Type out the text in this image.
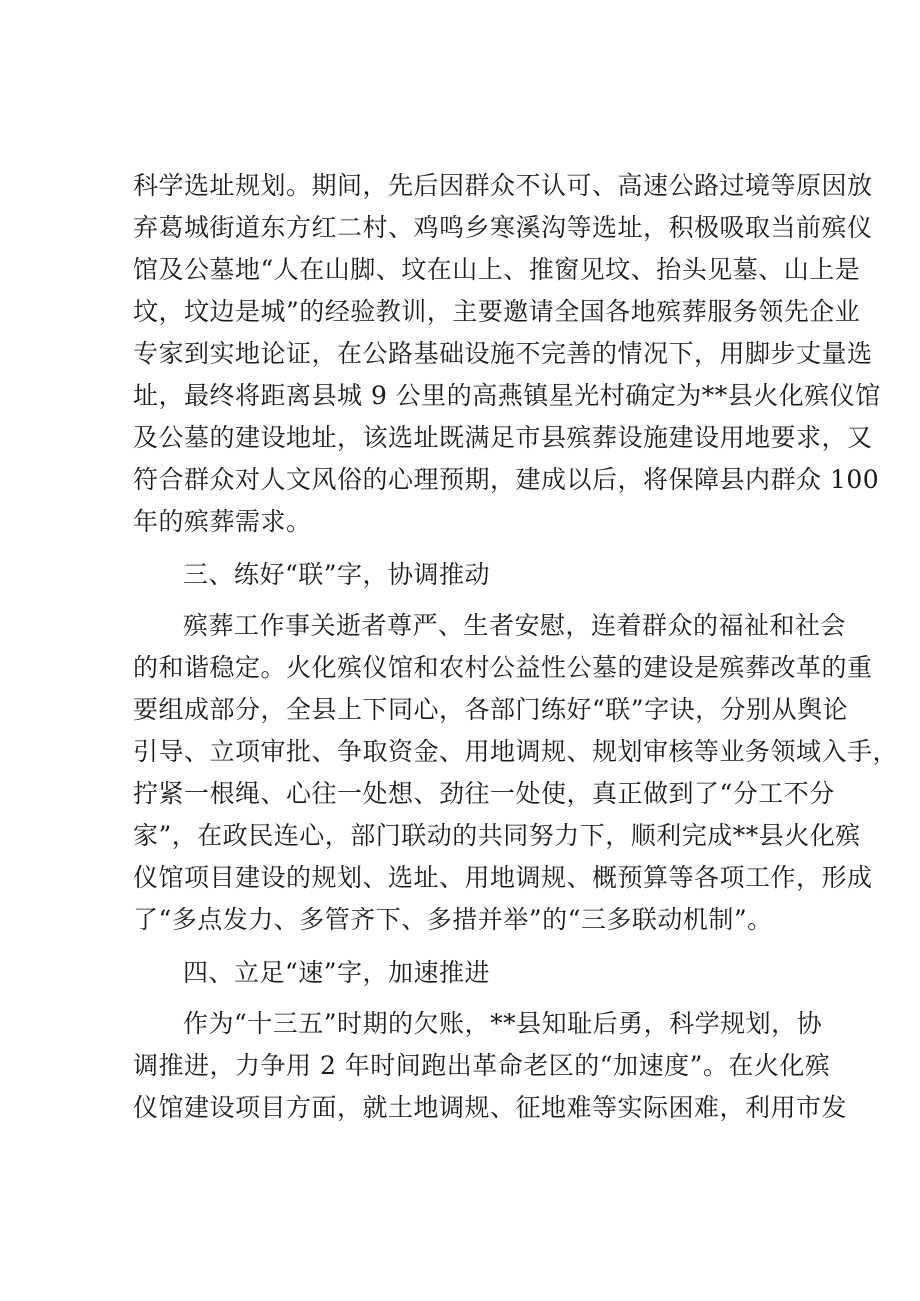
科学选址规划。期间，先后因群众不认可、高速公路过境等原因放
弃葛城街道东方红二村、鸡鸣乡寒溪沟等选址，积极吸取当前殡仪
馆及公墓地“人在山脚、坟在山上、推窗见坟、抬头见墓、山上是
坟，坟边是城”的经验教训，主要邀请全国各地殡葬服务领先企业
专家到实地论证，在公路基础设施不完善的情况下，用脚步丈量选
址，最终将距离县城 9 公里的高燕镇星光村确定为**县火化殡仪馆
及公墓的建设地址，该选址既满足市县殡葬设施建设用地要求，又
符合群众对人文风俗的心理预期，建成以后，将保障县内群众 100
年的殡葬需求。
三、练好“联”字，协调推动
殡葬工作事关逝者尊严、生者安慰，连着群众的福祉和社会
的和谐稳定。火化殡仪馆和农村公益性公墓的建设是殡葬改革的重
要组成部分，全县上下同心，各部门练好“联”字诀，分别从舆论
引导、立项审批、争取资金、用地调规、规划审核等业务领域入手，
拧紧一根绳、心往一处想、劲往一处使，真正做到了“分工不分
家”，在政民连心，部门联动的共同努力下，顺利完成**县火化殡
仪馆项目建设的规划、选址、用地调规、概预算等各项工作，形成
了“多点发力、多管齐下、多措并举”的“三多联动机制”。
四、立足“速”字，加速推进
作为“十三五”时期的欠账，**县知耻后勇，科学规划，协
调推进，力争用 2 年时间跑出革命老区的“加速度”。在火化殡
仪馆建设项目方面，就土地调规、征地难等实际困难，利用市发
